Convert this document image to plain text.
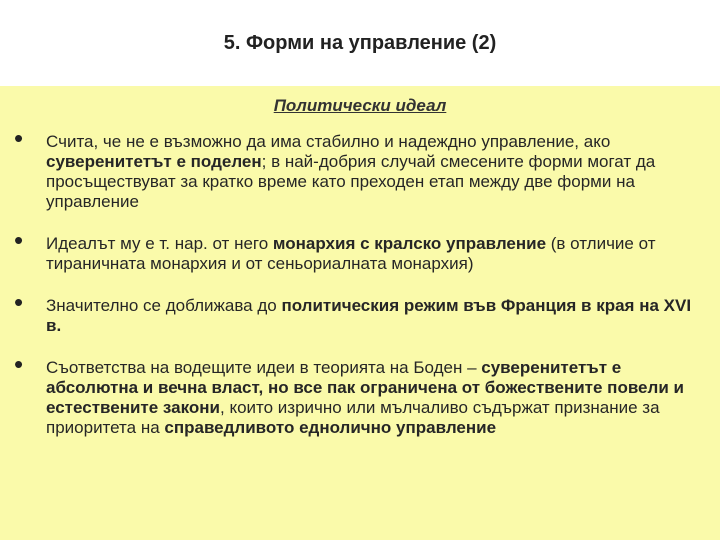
5. Форми на управление (2)
Политически идеал
• Счита, че не е възможно да има стабилно и надеждно управление, ако суверенитетът е поделен; в най-добрия случай смесените форми могат да просъществуват за кратко време като преходен етап между две форми на управление
• Идеалът му е т. нар. от него монархия с кралско управление (в отличие от тираничната монархия и от сеньориалната монархия)
• Значително се доближава до политическия режим във Франция в края на XVI в.
• Съответства на водещите идеи в теорията на Боден – суверенитетът е абсолютна и вечна власт, но все пак ограничена от божествените повели и естествените закони, които изрично или мълчаливо съдържат признание за приоритета на справедливото еднолично управление
